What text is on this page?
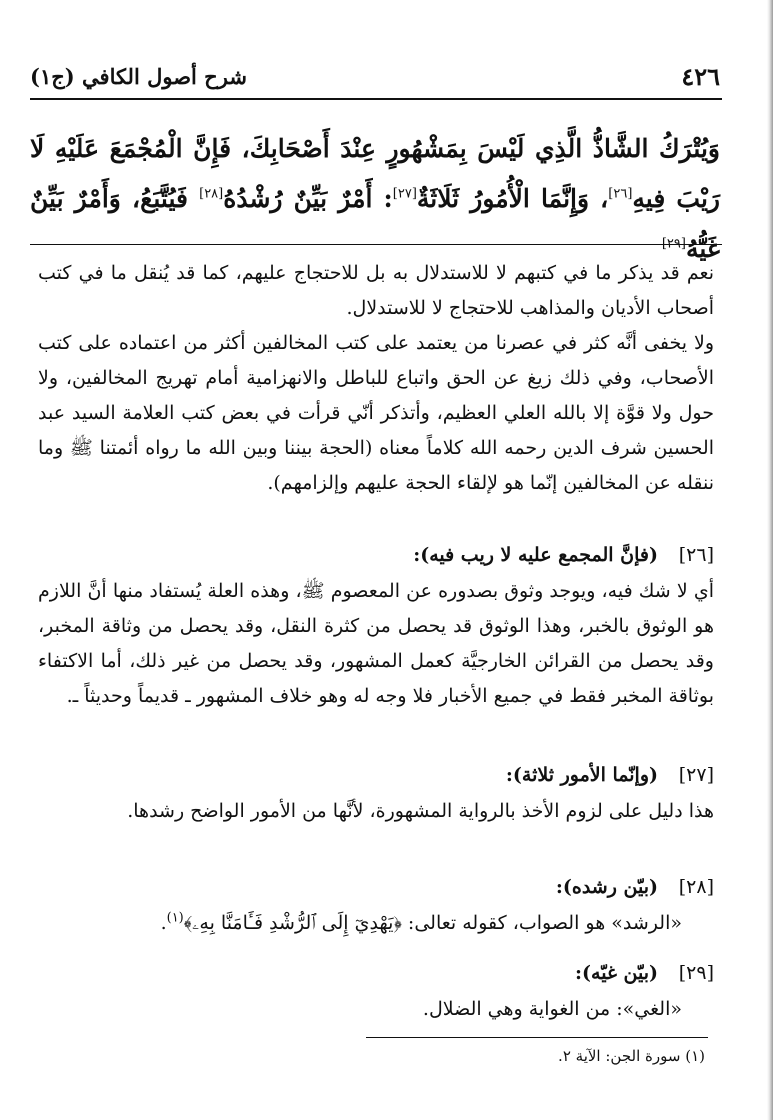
٤٢٦
شرح أصول الكافي (ج١)
وَيُتْرَكُ الشَّاذُّ الَّذِي لَيْسَ بِمَشْهُورٍ عِنْدَ أَصْحَابِكَ، فَإِنَّ الْمُجْمَعَ عَلَيْهِ لَا رَيْبَ فِيهِ[٢٦]، وَإِنَّمَا الْأُمُورُ ثَلَاثَةٌ[٢٧]: أَمْرٌ بَيِّنٌ رُشْدُهُ[٢٨] فَيُتَّبَعُ، وَأَمْرٌ بَيِّنٌ غَيُّهُ[٢٩]

نعم قد يذكر ما في كتبهم لا للاستدلال به بل للاحتجاج عليهم، كما قد يُنقل ما في كتب أصحاب الأديان والمذاهب للاحتجاج لا للاستدلال.

ولا يخفى أنَّه كثر في عصرنا من يعتمد على كتب المخالفين أكثر من اعتماده على كتب الأصحاب، وفي ذلك زيغ عن الحق واتباع للباطل والانهزامية أمام تهريج المخالفين، ولا حول ولا قوَّة إلا بالله العلي العظيم، وأتذكر أنّي قرأت في بعض كتب العلامة السيد عبد الحسين شرف الدين رحمه الله كلاماً معناه (الحجة بيننا وبين الله ما رواه أئمتنا ﷺ وما ننقله عن المخالفين إنّما هو لإلقاء الحجة عليهم وإلزامهم).

[٢٦](فإنَّ المجمع عليه لا ريب فيه):

أي لا شك فيه، ويوجد وثوق بصدوره عن المعصوم ﷺ، وهذه العلة يُستفاد منها أنَّ اللازم هو الوثوق بالخبر، وهذا الوثوق قد يحصل من كثرة النقل، وقد يحصل من وثاقة المخبر، وقد يحصل من القرائن الخارجيَّة كعمل المشهور، وقد يحصل من غير ذلك، أما الاكتفاء بوثاقة المخبر فقط في جميع الأخبار فلا وجه له وهو خلاف المشهور ـ قديماً وحديثاً ـ.

[٢٧](وإنّما الأمور ثلاثة):

هذا دليل على لزوم الأخذ بالرواية المشهورة، لأنَّها من الأمور الواضح رشدها.

[٢٨](بيّن رشده):

«الرشد» هو الصواب، كقوله تعالى: ﴿يَهْدِيٓ إِلَى ٱلرُّشْدِ فَـَٔامَنَّا بِهِۦ﴾$^{(١)}$.

[٢٩](بيّن غيّه):

«الغي»: من الغواية وهي الضلال.

(١) سورة الجن: الآية ٢.
